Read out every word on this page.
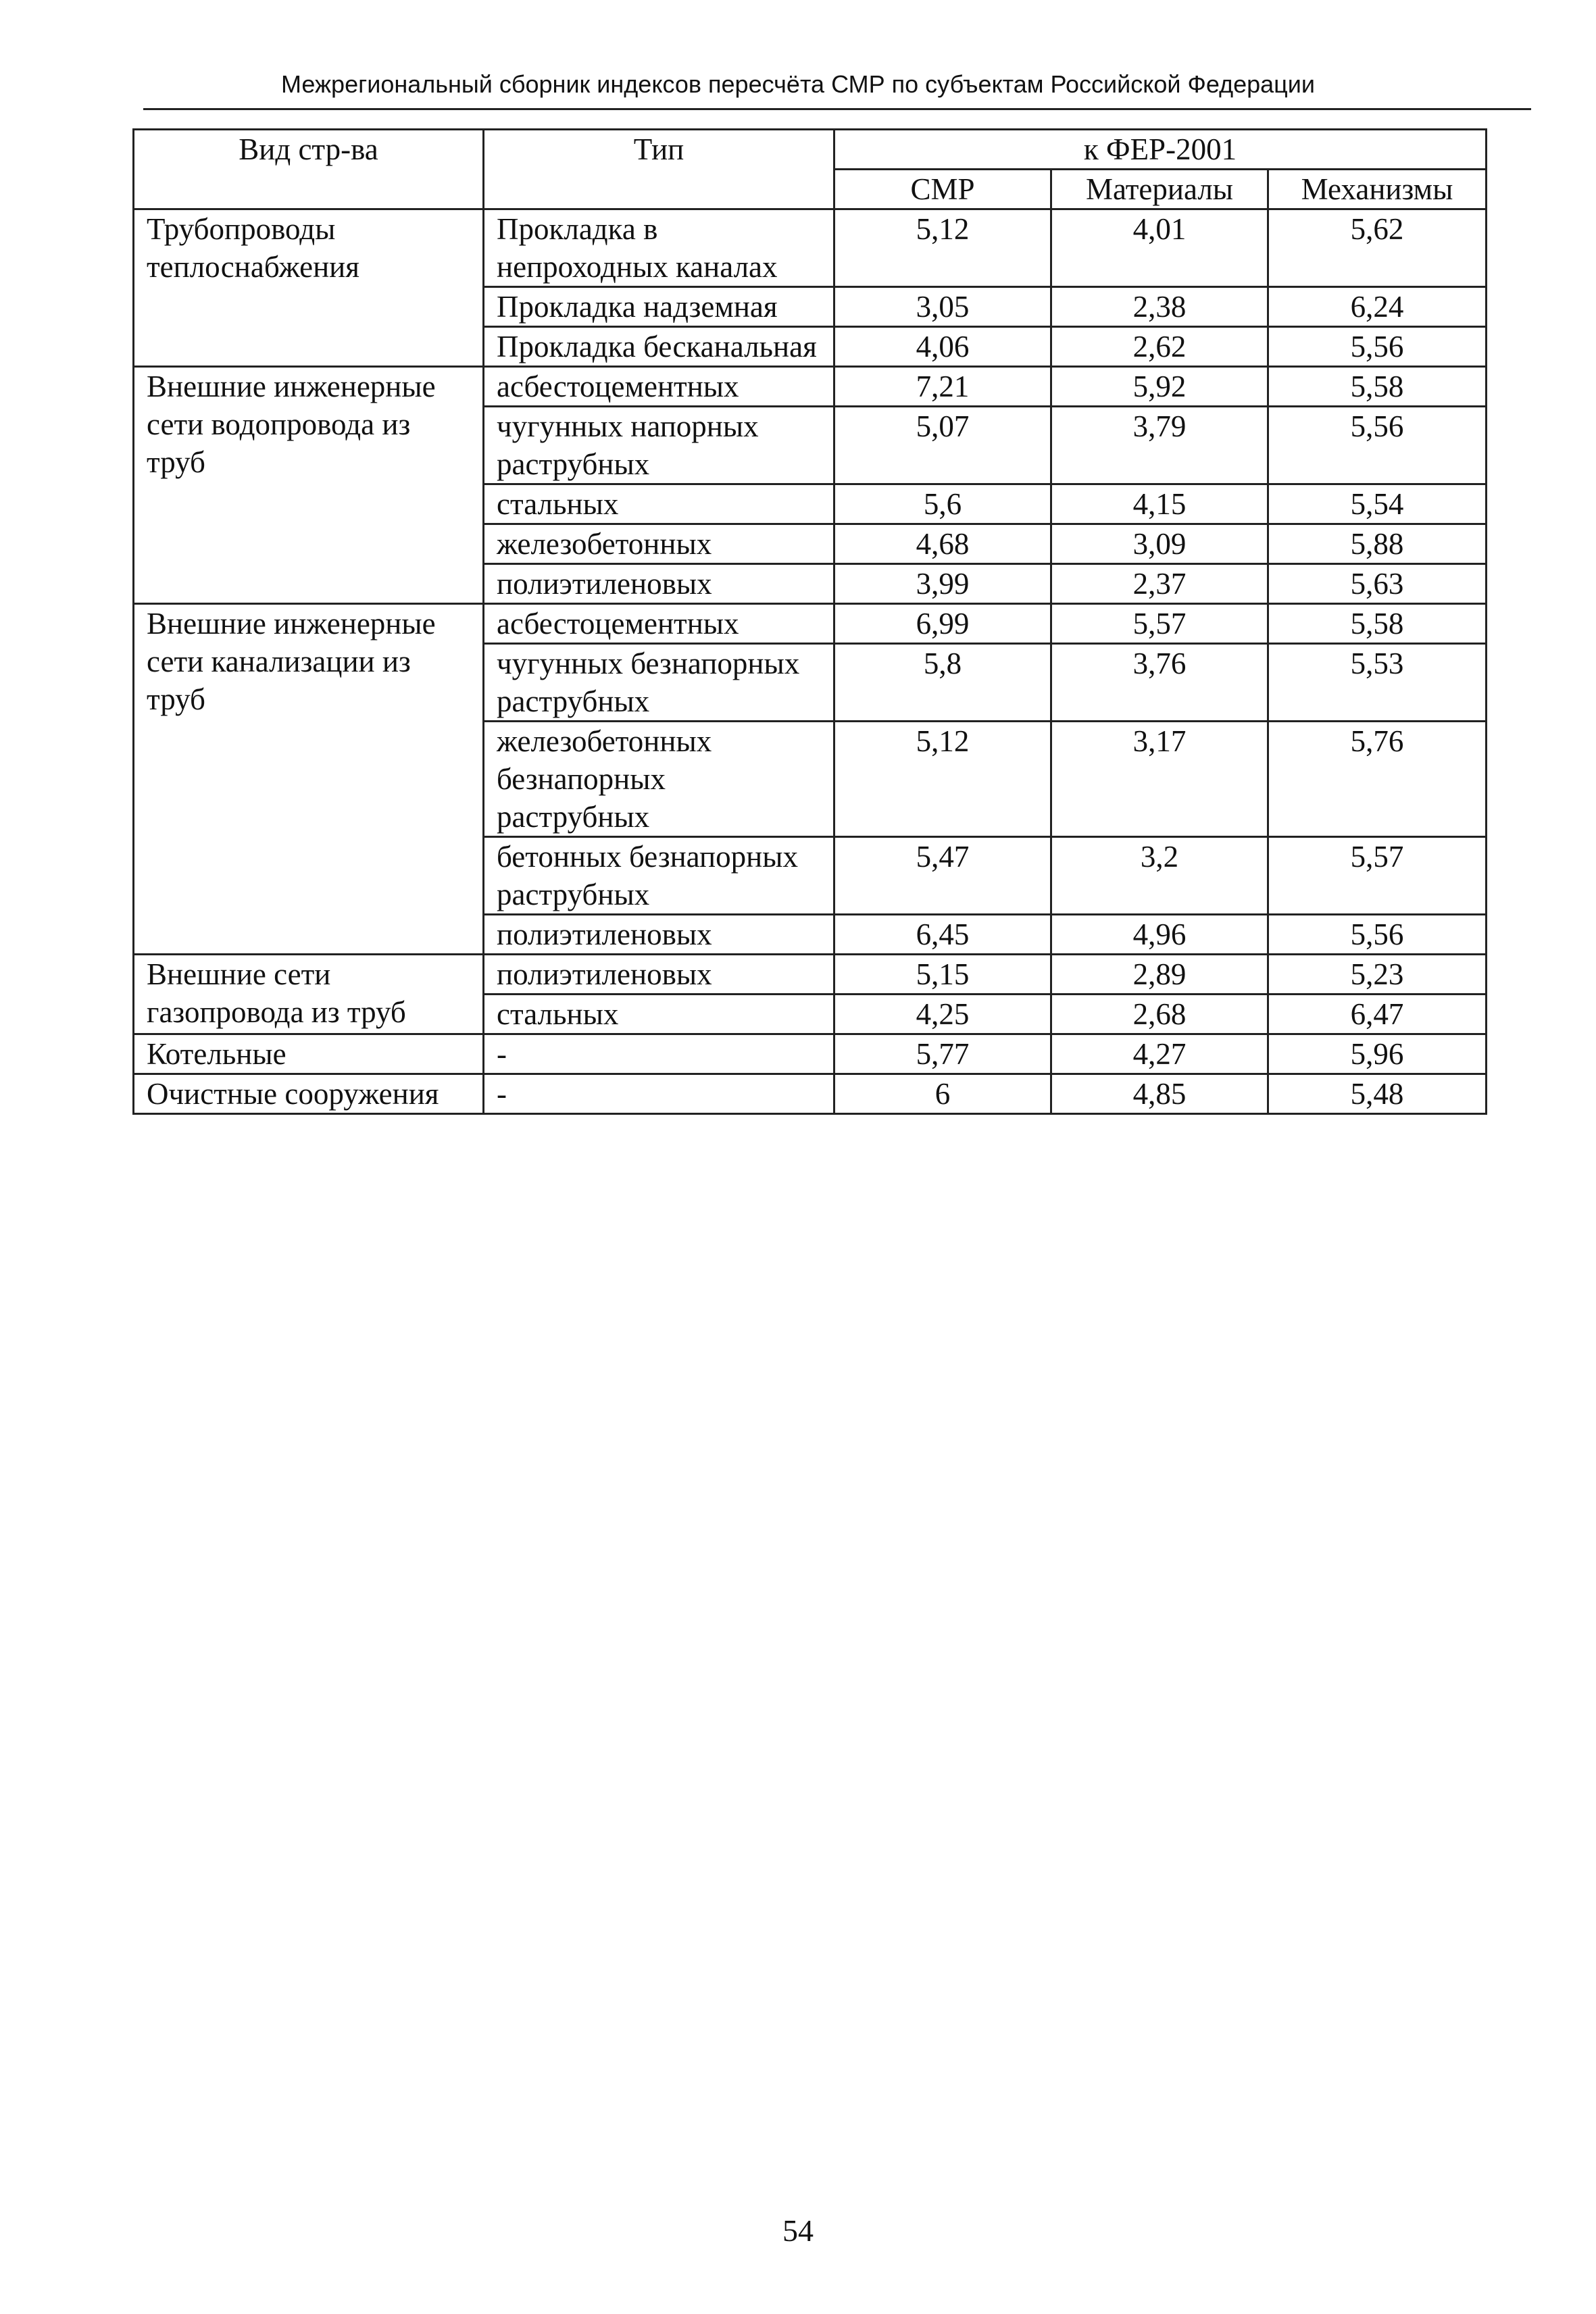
Межрегиональный сборник индексов пересчёта СМР по субъектам Российской Федерации
Вид стр-ва	Тип	к ФЕР-2001		
		СМР	Материалы	Механизмы
Трубопроводы теплоснабжения	Прокладка в непроходных каналах	5,12	4,01	5,62
	Прокладка надземная	3,05	2,38	6,24
	Прокладка бесканальная	4,06	2,62	5,56
Внешние инженерные сети водопровода из труб	асбестоцементных	7,21	5,92	5,58
	чугунных напорных раструбных	5,07	3,79	5,56
	стальных	5,6	4,15	5,54
	железобетонных	4,68	3,09	5,88
	полиэтиленовых	3,99	2,37	5,63
Внешние инженерные сети канализации из труб	асбестоцементных	6,99	5,57	5,58
	чугунных безнапорных раструбных	5,8	3,76	5,53
	железобетонных безнапорных раструбных	5,12	3,17	5,76
	бетонных безнапорных раструбных	5,47	3,2	5,57
	полиэтиленовых	6,45	4,96	5,56
Внешние сети газопровода из труб	полиэтиленовых	5,15	2,89	5,23
	стальных	4,25	2,68	6,47
Котельные	-	5,77	4,27	5,96
Очистные сооружения	-	6	4,85	5,48
54
